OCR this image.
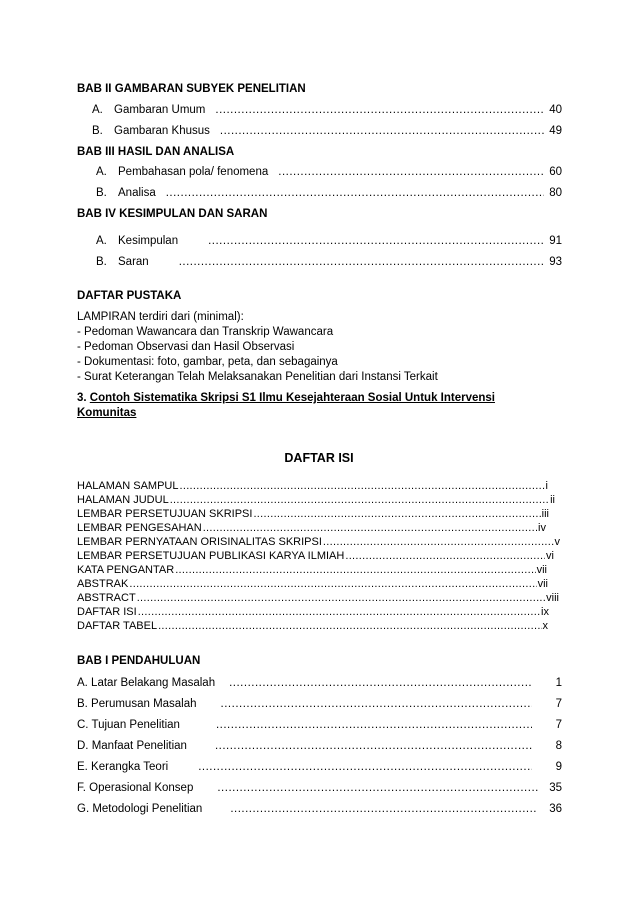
BAB II GAMBARAN SUBYEK PENELITIAN
A. Gambaran Umum .....	40
B. Gambaran Khusus .....	49
BAB III HASIL DAN ANALISA
A. Pembahasan pola/ fenomena .....	60
B. Analisa .....	80
BAB IV KESIMPULAN DAN SARAN
A. Kesimpulan .....	91
B. Saran .....	93
DAFTAR PUSTAKA
LAMPIRAN terdiri dari (minimal):
- Pedoman Wawancara dan Transkrip Wawancara
- Pedoman Observasi dan Hasil Observasi
- Dokumentasi: foto, gambar, peta, dan sebagainya
- Surat Keterangan Telah Melaksanakan Penelitian dari Instansi Terkait
3. Contoh Sistematika Skripsi S1 Ilmu Kesejahteraan Sosial Untuk Intervensi
Komunitas
DAFTAR ISI
HALAMAN SAMPUL .....	i
HALAMAN JUDUL .....	ii
LEMBAR PERSETUJUAN SKRIPSI .....	iii
LEMBAR PENGESAHAN .....	iv
LEMBAR PERNYATAAN ORISINALITAS SKRIPSI .....	v
LEMBAR PERSETUJUAN PUBLIKASI KARYA ILMIAH .....	vi
KATA PENGANTAR .....	vii
ABSTRAK .....	vii
ABSTRACT .....	viii
DAFTAR ISI .....	ix
DAFTAR TABEL .....	x
BAB I PENDAHULUAN
A. Latar Belakang Masalah .....	1
B. Perumusan Masalah .....	7
C. Tujuan Penelitian .....	7
D. Manfaat Penelitian .....	8
E. Kerangka Teori .....	9
F. Operasional Konsep .....	35
G. Metodologi Penelitian .....	36
